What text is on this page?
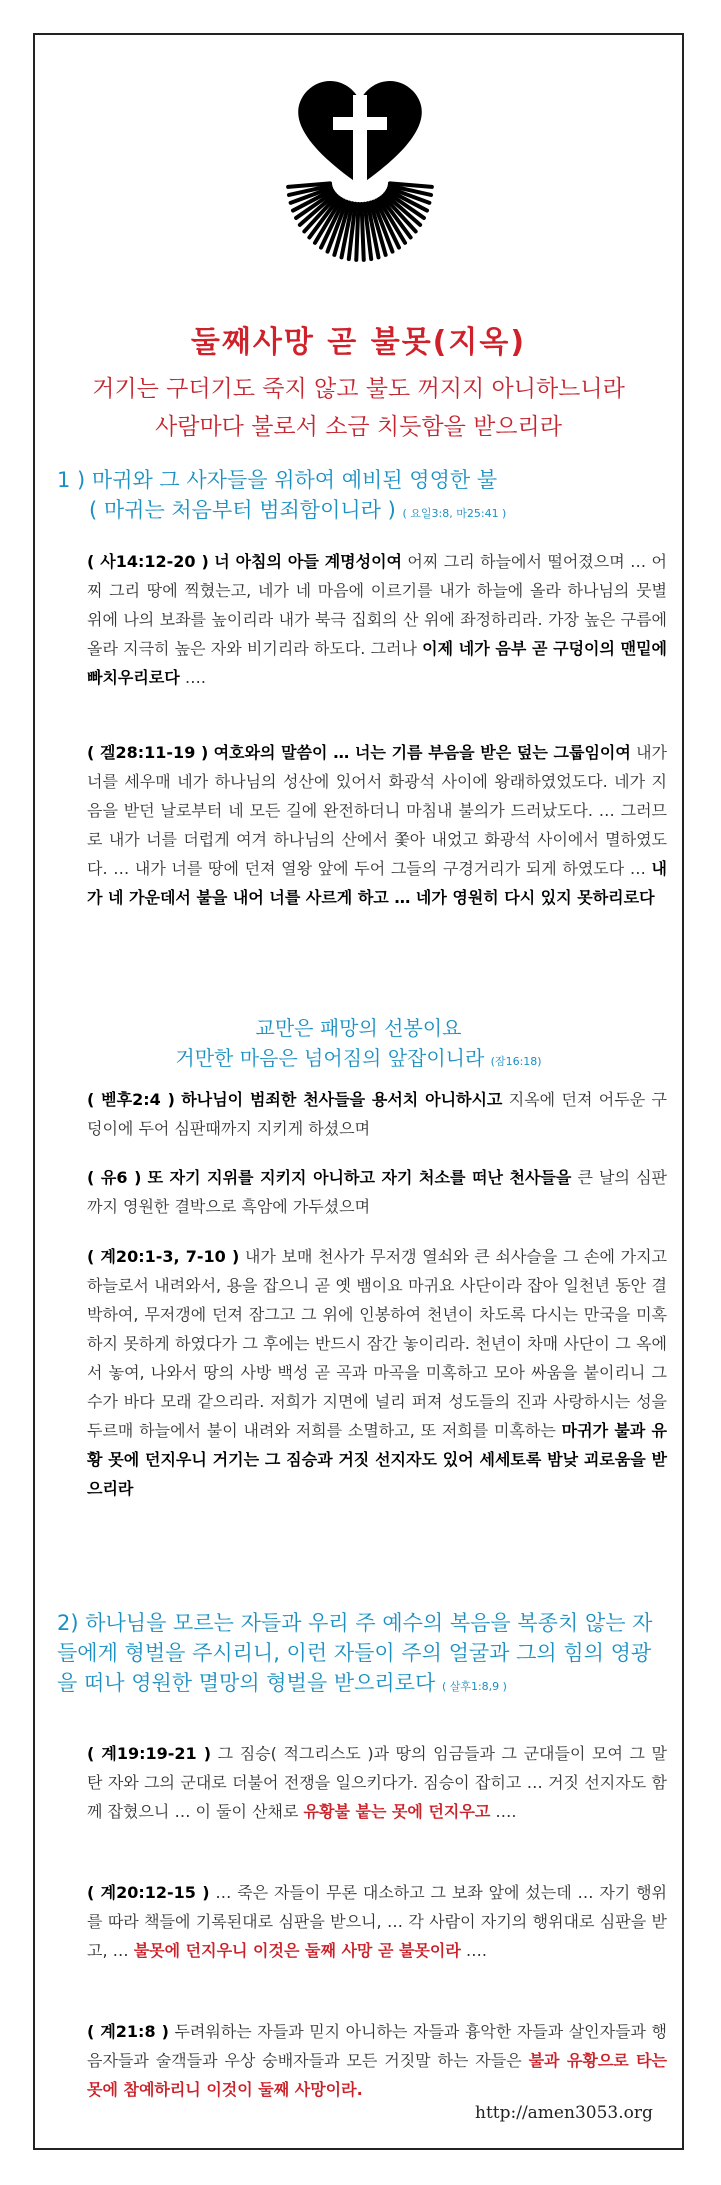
둘째사망 곧 불못(지옥)

거기는 구더기도 죽지 않고 불도 꺼지지 아니하느니라

사람마다 불로서 소금 치듯함을 받으리라

1 ) 마귀와 그 사자들을 위하여 예비된 영영한 불
( 마귀는 처음부터 범죄함이니라 ) ( 요일3:8, 마25:41 )

( 사14:12-20 ) 너 아침의 아들 계명성이여 어찌 그리 하늘에서 떨어졌으며 … 어찌 그리 땅에 찍혔는고, 네가 네 마음에 이르기를 내가 하늘에 올라 하나님의 뭇별 위에 나의 보좌를 높이리라 내가 북극 집회의 산 위에 좌정하리라. 가장 높은 구름에 올라 지극히 높은 자와 비기리라 하도다. 그러나 이제 네가 음부 곧 구덩이의 맨밑에 빠치우리로다 ….

( 겔28:11-19 ) 여호와의 말씀이 … 너는 기름 부음을 받은 덮는 그룹임이여 내가 너를 세우매 네가 하나님의 성산에 있어서 화광석 사이에 왕래하였었도다. 네가 지음을 받던 날로부터 네 모든 길에 완전하더니 마침내 불의가 드러났도다. … 그러므로 내가 너를 더럽게 여겨 하나님의 산에서 쫓아 내었고 화광석 사이에서 멸하였도다. … 내가 너를 땅에 던져 열왕 앞에 두어 그들의 구경거리가 되게 하였도다 … 내가 네 가운데서 불을 내어 너를 사르게 하고 … 네가 영원히 다시 있지 못하리로다

교만은 패망의 선봉이요
거만한 마음은 넘어짐의 앞잡이니라 (잠16:18)

( 벧후2:4 ) 하나님이 범죄한 천사들을 용서치 아니하시고 지옥에 던져 어두운 구덩이에 두어 심판때까지 지키게 하셨으며

( 유6 ) 또 자기 지위를 지키지 아니하고 자기 처소를 떠난 천사들을 큰 날의 심판까지 영원한 결박으로 흑암에 가두셨으며

( 계20:1-3, 7-10 ) 내가 보매 천사가 무저갱 열쇠와 큰 쇠사슬을 그 손에 가지고 하늘로서 내려와서, 용을 잡으니 곧 옛 뱀이요 마귀요 사단이라 잡아 일천년 동안 결박하여, 무저갱에 던져 잠그고 그 위에 인봉하여 천년이 차도록 다시는 만국을 미혹하지 못하게 하였다가 그 후에는 반드시 잠간 놓이리라. 천년이 차매 사단이 그 옥에서 놓여, 나와서 땅의 사방 백성 곧 곡과 마곡을 미혹하고 모아 싸움을 붙이리니 그 수가 바다 모래 같으리라. 저희가 지면에 널리 퍼져 성도들의 진과 사랑하시는 성을 두르매 하늘에서 불이 내려와 저희를 소멸하고, 또 저희를 미혹하는 마귀가 불과 유황 못에 던지우니 거기는 그 짐승과 거짓 선지자도 있어 세세토록 밤낮 괴로움을 받으리라

2) 하나님을 모르는 자들과 우리 주 예수의 복음을 복종치 않는 자들에게 형벌을 주시리니, 이런 자들이 주의 얼굴과 그의 힘의 영광을 떠나 영원한 멸망의 형벌을 받으리로다 ( 살후1:8,9 )

( 계19:19-21 ) 그 짐승( 적그리스도 )과 땅의 임금들과 그 군대들이 모여 그 말 탄 자와 그의 군대로 더불어 전쟁을 일으키다가. 짐승이 잡히고 … 거짓 선지자도 함께 잡혔으니 … 이 둘이 산채로 유황불 붙는 못에 던지우고 ….

( 계20:12-15 ) … 죽은 자들이 무론 대소하고 그 보좌 앞에 섰는데 … 자기 행위를 따라 책들에 기록된대로 심판을 받으니, … 각 사람이 자기의 행위대로 심판을 받고, … 불못에 던지우니 이것은 둘째 사망 곧 불못이라 ….

( 계21:8 ) 두려워하는 자들과 믿지 아니하는 자들과 흉악한 자들과 살인자들과 행음자들과 술객들과 우상 숭배자들과 모든 거짓말 하는 자들은 불과 유황으로 타는 못에 참예하리니 이것이 둘째 사망이라.

http://amen3053.org
